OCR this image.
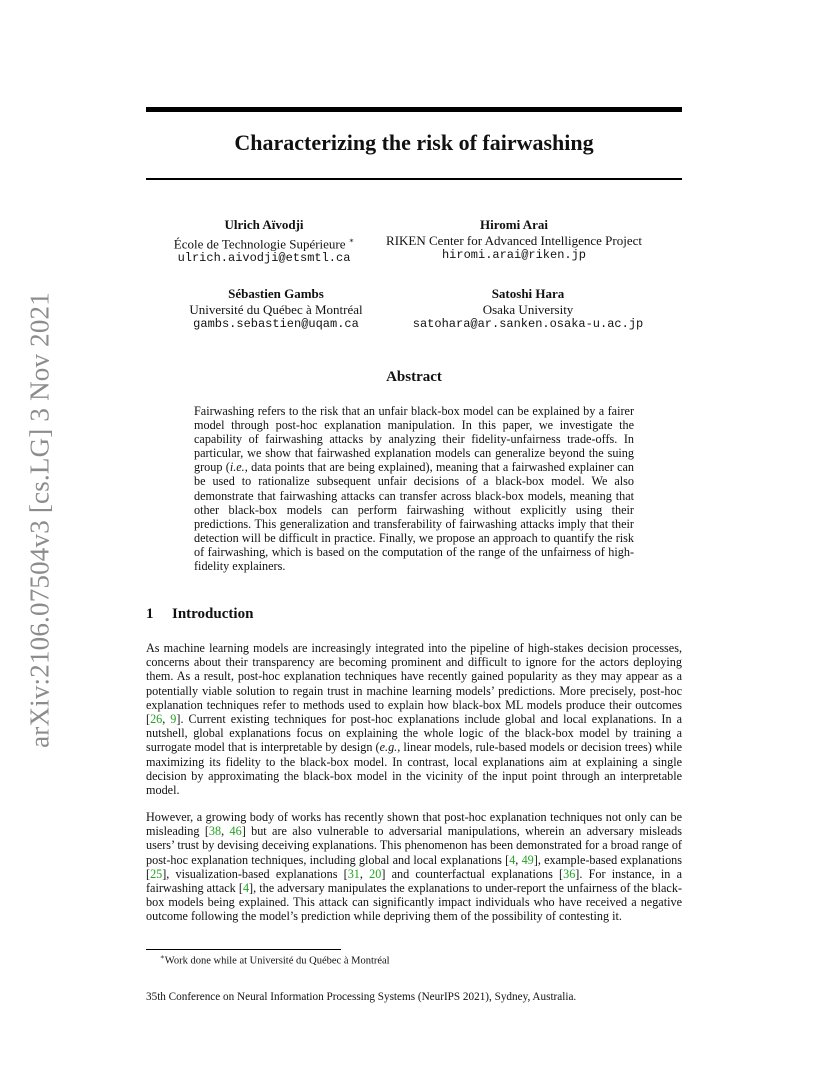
arXiv:2106.07504v3 [cs.LG] 3 Nov 2021
Characterizing the risk of fairwashing
Ulrich Aïvodji
École de Technologie Supérieure ∗
ulrich.aivodji@etsmtl.ca
Hiromi Arai
RIKEN Center for Advanced Intelligence Project
hiromi.arai@riken.jp
Sébastien Gambs
Université du Québec à Montréal
gambs.sebastien@uqam.ca
Satoshi Hara
Osaka University
satohara@ar.sanken.osaka-u.ac.jp
Abstract
Fairwashing refers to the risk that an unfair black-box model can be explained by a fairer model through post-hoc explanation manipulation. In this paper, we investigate the capability of fairwashing attacks by analyzing their fidelity-unfairness trade-offs. In particular, we show that fairwashed explanation models can generalize beyond the suing group (i.e., data points that are being explained), meaning that a fairwashed explainer can be used to rationalize subsequent unfair decisions of a black-box model. We also demonstrate that fairwashing attacks can transfer across black-box models, meaning that other black-box models can perform fairwashing without explicitly using their predictions. This generalization and transferability of fairwashing attacks imply that their detection will be difficult in practice. Finally, we propose an approach to quantify the risk of fairwashing, which is based on the computation of the range of the unfairness of high-fidelity explainers.
1 Introduction
As machine learning models are increasingly integrated into the pipeline of high-stakes decision processes, concerns about their transparency are becoming prominent and difficult to ignore for the actors deploying them. As a result, post-hoc explanation techniques have recently gained popularity as they may appear as a potentially viable solution to regain trust in machine learning models’ predictions. More precisely, post-hoc explanation techniques refer to methods used to explain how black-box ML models produce their outcomes [26, 9]. Current existing techniques for post-hoc explanations include global and local explanations. In a nutshell, global explanations focus on explaining the whole logic of the black-box model by training a surrogate model that is interpretable by design (e.g., linear models, rule-based models or decision trees) while maximizing its fidelity to the black-box model. In contrast, local explanations aim at explaining a single decision by approximating the black-box model in the vicinity of the input point through an interpretable model.
However, a growing body of works has recently shown that post-hoc explanation techniques not only can be misleading [38, 46] but are also vulnerable to adversarial manipulations, wherein an adversary misleads users’ trust by devising deceiving explanations. This phenomenon has been demonstrated for a broad range of post-hoc explanation techniques, including global and local explanations [4, 49], example-based explanations [25], visualization-based explanations [31, 20] and counterfactual explanations [36]. For instance, in a fairwashing attack [4], the adversary manipulates the explanations to under-report the unfairness of the black-box models being explained. This attack can significantly impact individuals who have received a negative outcome following the model’s prediction while depriving them of the possibility of contesting it.
∗Work done while at Université du Québec à Montréal
35th Conference on Neural Information Processing Systems (NeurIPS 2021), Sydney, Australia.
